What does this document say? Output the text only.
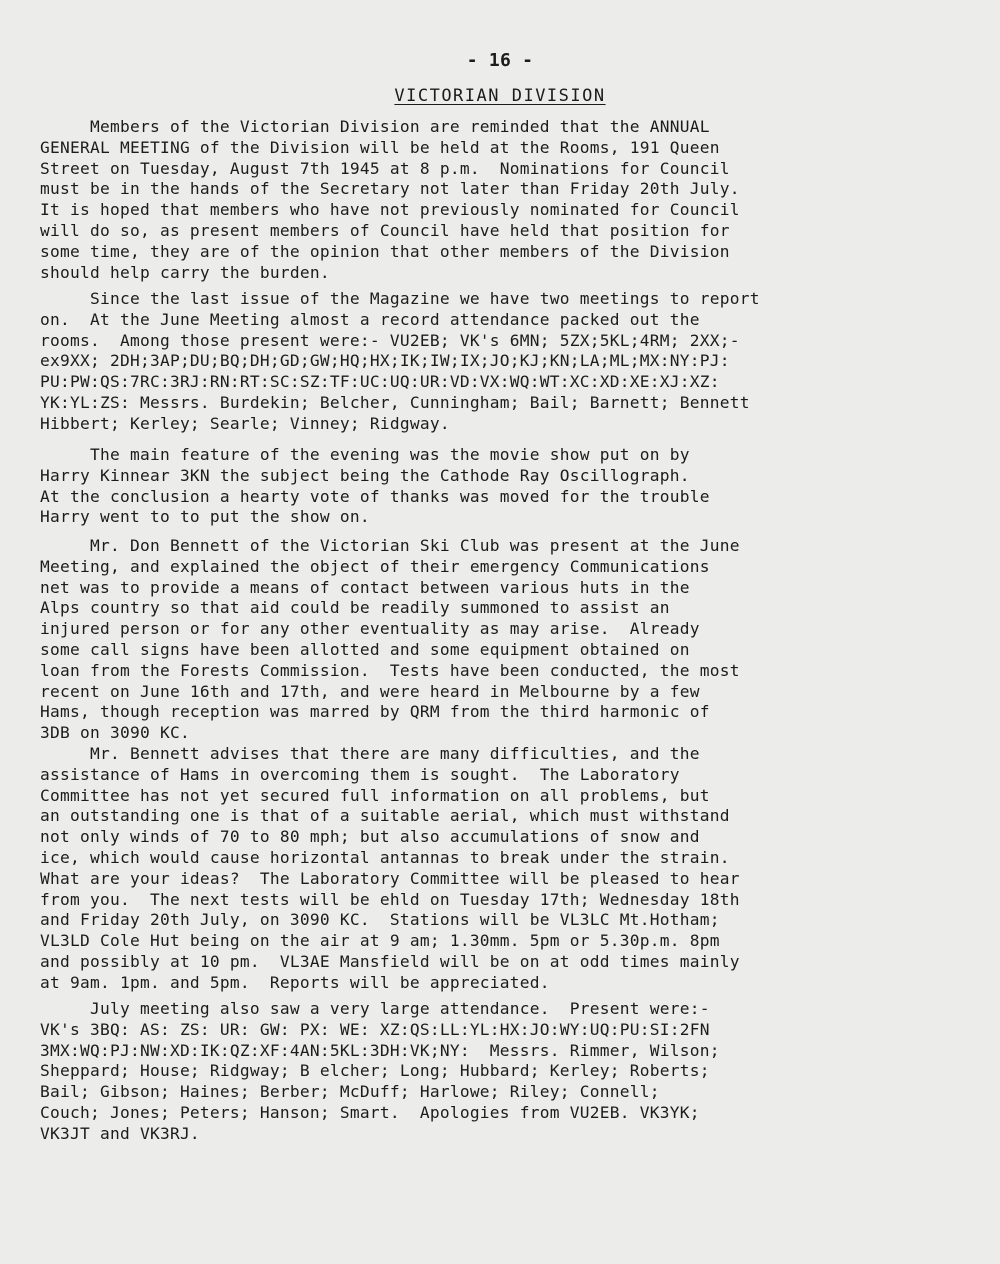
- 16 -
VICTORIAN DIVISION
Members of the Victorian Division are reminded that the ANNUAL
GENERAL MEETING of the Division will be held at the Rooms, 191 Queen
Street on Tuesday, August 7th 1945 at 8 p.m.  Nominations for Council
must be in the hands of the Secretary not later than Friday 20th July.
It is hoped that members who have not previously nominated for Council
will do so, as present members of Council have held that position for
some time, they are of the opinion that other members of the Division
should help carry the burden.
Since the last issue of the Magazine we have two meetings to report
on.  At the June Meeting almost a record attendance packed out the
rooms.  Among those present were:- VU2EB; VK's 6MN; 5ZX;5KL;4RM; 2XX;-
ex9XX; 2DH;3AP;DU;BQ;DH;GD;GW;HQ;HX;IK;IW;IX;JO;KJ;KN;LA;ML;MX:NY:PJ:
PU:PW:QS:7RC:3RJ:RN:RT:SC:SZ:TF:UC:UQ:UR:VD:VX:WQ:WT:XC:XD:XE:XJ:XZ:
YK:YL:ZS: Messrs. Burdekin; Belcher, Cunningham; Bail; Barnett; Bennett
Hibbert; Kerley; Searle; Vinney; Ridgway.
The main feature of the evening was the movie show put on by
Harry Kinnear 3KN the subject being the Cathode Ray Oscillograph.
At the conclusion a hearty vote of thanks was moved for the trouble
Harry went to to put the show on.
Mr. Don Bennett of the Victorian Ski Club was present at the June
Meeting, and explained the object of their emergency Communications
net was to provide a means of contact between various huts in the
Alps country so that aid could be readily summoned to assist an
injured person or for any other eventuality as may arise.  Already
some call signs have been allotted and some equipment obtained on
loan from the Forests Commission.  Tests have been conducted, the most
recent on June 16th and 17th, and were heard in Melbourne by a few
Hams, though reception was marred by QRM from the third harmonic of
3DB on 3090 KC.
Mr. Bennett advises that there are many difficulties, and the
assistance of Hams in overcoming them is sought.  The Laboratory
Committee has not yet secured full information on all problems, but
an outstanding one is that of a suitable aerial, which must withstand
not only winds of 70 to 80 mph; but also accumulations of snow and
ice, which would cause horizontal antannas to break under the strain.
What are your ideas?  The Laboratory Committee will be pleased to hear
from you.  The next tests will be ehld on Tuesday 17th; Wednesday 18th
and Friday 20th July, on 3090 KC.  Stations will be VL3LC Mt.Hotham;
VL3LD Cole Hut being on the air at 9 am; 1.30mm. 5pm or 5.30p.m. 8pm
and possibly at 10 pm.  VL3AE Mansfield will be on at odd times mainly
at 9am. 1pm. and 5pm.  Reports will be appreciated.
July meeting also saw a very large attendance.  Present were:-
VK's 3BQ: AS: ZS: UR: GW: PX: WE: XZ:QS:LL:YL:HX:JO:WY:UQ:PU:SI:2FN
3MX:WQ:PJ:NW:XD:IK:QZ:XF:4AN:5KL:3DH:VK;NY:  Messrs. Rimmer, Wilson;
Sheppard; House; Ridgway; B elcher; Long; Hubbard; Kerley; Roberts;
Bail; Gibson; Haines; Berber; McDuff; Harlowe; Riley; Connell;
Couch; Jones; Peters; Hanson; Smart.  Apologies from VU2EB. VK3YK;
VK3JT and VK3RJ.
